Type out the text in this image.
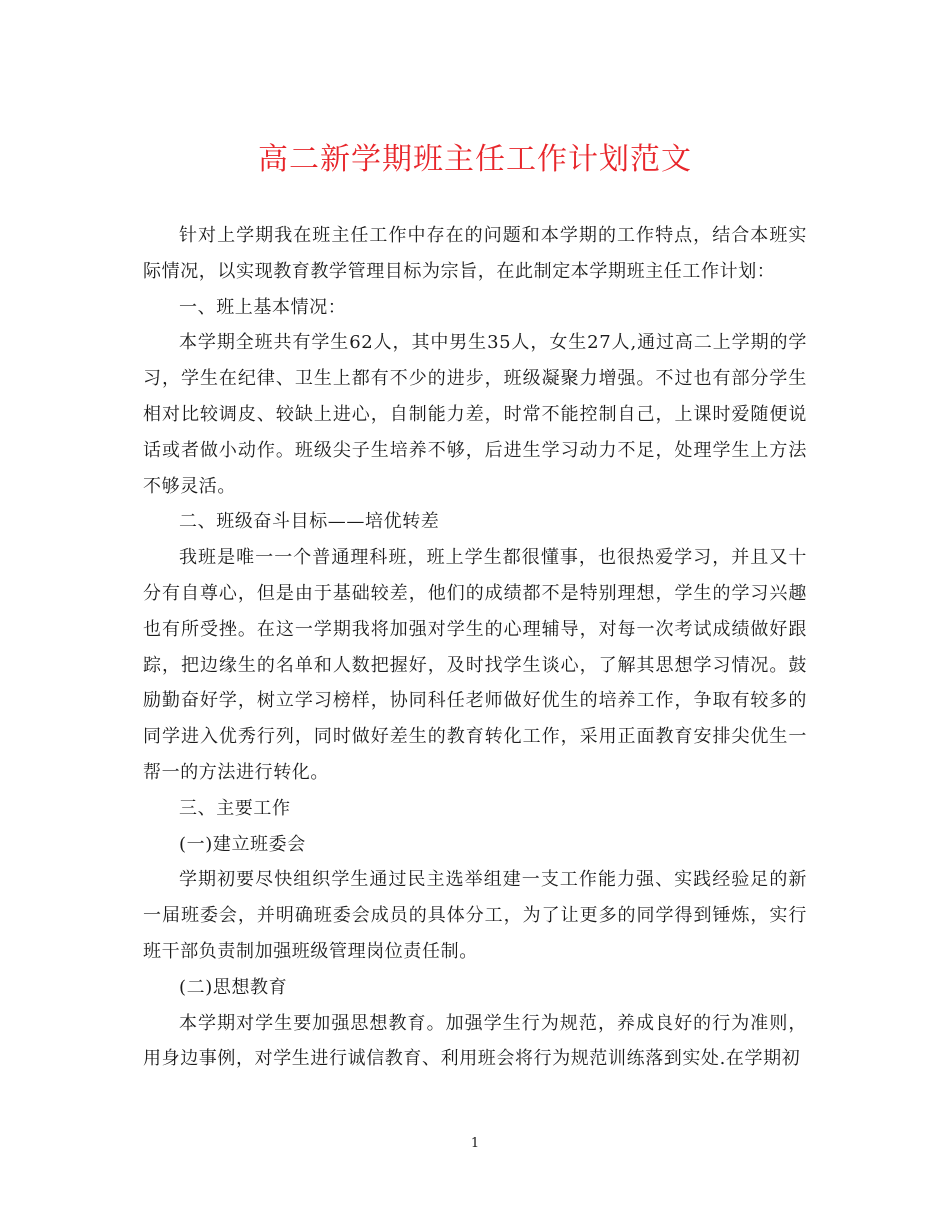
高二新学期班主任工作计划范文

针对上学期我在班主任工作中存在的问题和本学期的工作特点，结合本班实际情况，以实现教育教学管理目标为宗旨，在此制定本学期班主任工作计划：

一、班上基本情况：

本学期全班共有学生62人，其中男生35人，女生27人,通过高二上学期的学习，学生在纪律、卫生上都有不少的进步，班级凝聚力增强。不过也有部分学生相对比较调皮、较缺上进心，自制能力差，时常不能控制自己，上课时爱随便说话或者做小动作。班级尖子生培养不够，后进生学习动力不足，处理学生上方法不够灵活。

二、班级奋斗目标——培优转差

我班是唯一一个普通理科班，班上学生都很懂事，也很热爱学习，并且又十分有自尊心，但是由于基础较差，他们的成绩都不是特别理想，学生的学习兴趣也有所受挫。在这一学期我将加强对学生的心理辅导，对每一次考试成绩做好跟踪，把边缘生的名单和人数把握好，及时找学生谈心，了解其思想学习情况。鼓励勤奋好学，树立学习榜样，协同科任老师做好优生的培养工作，争取有较多的同学进入优秀行列，同时做好差生的教育转化工作，采用正面教育安排尖优生一帮一的方法进行转化。

三、主要工作

(一)建立班委会

学期初要尽快组织学生通过民主选举组建一支工作能力强、实践经验足的新一届班委会，并明确班委会成员的具体分工，为了让更多的同学得到锤炼，实行班干部负责制加强班级管理岗位责任制。

(二)思想教育

本学期对学生要加强思想教育。加强学生行为规范，养成良好的行为准则，用身边事例，对学生进行诚信教育、利用班会将行为规范训练落到实处.在学期初

1
